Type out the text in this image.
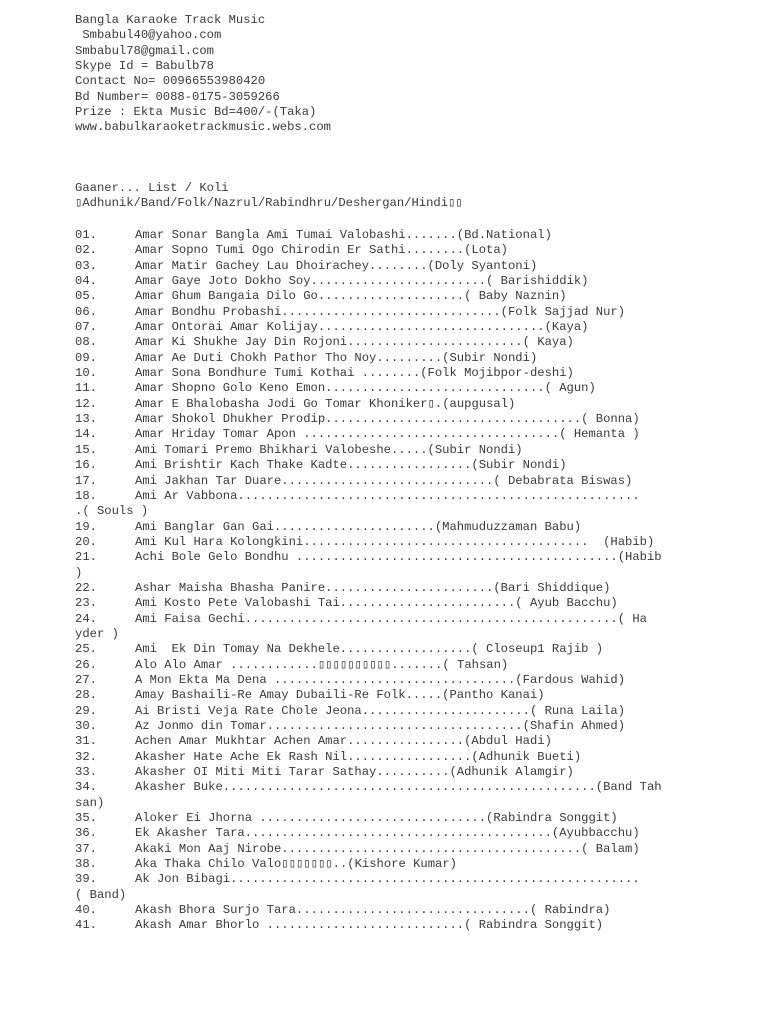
Bangla Karaoke Track Music
Smbabul40@yahoo.com
Smbabul78@gmail.com
Skype Id = Babulb78
Contact No= 00966553980420
Bd Number= 0088-0175-3059266
Prize : Ekta Music Bd=400/-(Taka)
www.babulkaraoketrackmusic.webs.com
Gaaner... List / Koli
▯Adhunik/Band/Folk/Nazrul/Rabindhru/Deshergan/Hindi▯▯
01.	Amar Sonar Bangla Ami Tumai Valobashi.......(Bd.National)
02.	Amar Sopno Tumi Ogo Chirodin Er Sathi........(Lota)
03.	Amar Matir Gachey Lau Dhoirachey........(Doly Syantoni)
04.	Amar Gaye Joto Dokho Soy........................( Barishiddik)
05.	Amar Ghum Bangaia Dilo Go....................( Baby Naznin)
06.	Amar Bondhu Probashi..............................(Folk Sajjad Nur)
07.	Amar Ontorai Amar Kolijay...............................(Kaya)
08.	Amar Ki Shukhe Jay Din Rojoni........................( Kaya)
09.	Amar Ae Duti Chokh Pathor Tho Noy.........(Subir Nondi)
10.	Amar Sona Bondhure Tumi Kothai ........(Folk Mojibpor-deshi)
11.	Amar Shopno Golo Keno Emon..............................( Agun)
12.	Amar E Bhalobasha Jodi Go Tomar Khoniker▯.(aupgusal)
13.	Amar Shokol Dhukher Prodip...................................( Bonna)
14.	Amar Hriday Tomar Apon ...................................( Hemanta )
15.	Ami Tomari Premo Bhikhari Valobeshe.....(Subir Nondi)
16.	Ami Brishtir Kach Thake Kadte.................(Subir Nondi)
17.	Ami Jakhan Tar Duare.............................( Debabrata Biswas)
18.	Ami Ar Vabbona.......................................................
.( Souls )
19.	Ami Banglar Gan Gai......................(Mahmuduzzaman Babu)
20.	Ami Kul Hara Kolongkini.......................................  (Habib)
21.	Achi Bole Gelo Bondhu ............................................(Habib
)
22.	Ashar Maisha Bhasha Panire.......................(Bari Shiddique)
23.	Ami Kosto Pete Valobashi Tai........................( Ayub Bacchu)
24.	Ami Faisa Gechi...................................................( Ha
yder )
25.	Ami  Ek Din Tomay Na Dekhele..................( Closeup1 Rajib )
26.	Alo Alo Amar ............▯▯▯▯▯▯▯▯▯▯.......( Tahsan)
27.	A Mon Ekta Ma Dena .................................(Fardous Wahid)
28.	Amay Bashaili-Re Amay Dubaili-Re Folk.....(Pantho Kanai)
29.	Ai Bristi Veja Rate Chole Jeona.......................( Runa Laila)
30.	Az Jonmo din Tomar...................................(Shafin Ahmed)
31.	Achen Amar Mukhtar Achen Amar................(Abdul Hadi)
32.	Akasher Hate Ache Ek Rash Nil.................(Adhunik Bueti)
33.	Akasher OI Miti Miti Tarar Sathay..........(Adhunik Alamgir)
34.	Akasher Buke...................................................(Band Tah
san)
35.	Aloker Ei Jhorna ...............................(Rabindra Songgit)
36.	Ek Akasher Tara..........................................(Ayubbacchu)
37.	Akaki Mon Aaj Nirobe.........................................( Balam)
38.	Aka Thaka Chilo Valo▯▯▯▯▯▯▯..(Kishore Kumar)
39.	Ak Jon Bibagi........................................................
( Band)
40.	Akash Bhora Surjo Tara................................( Rabindra)
41.	Akash Amar Bhorlo ...........................( Rabindra Songgit)
